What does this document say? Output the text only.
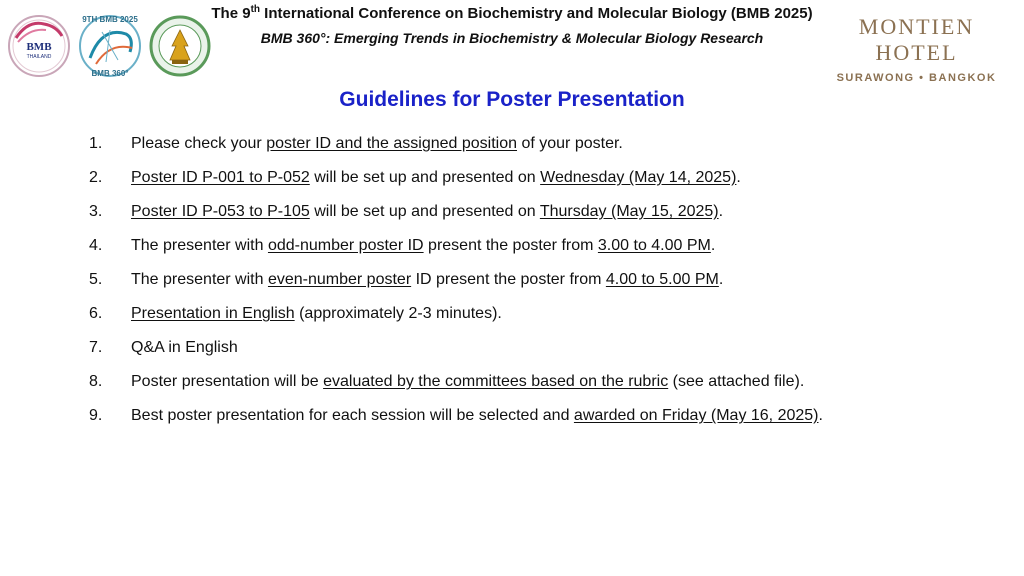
BMB
THAILAND
9TH BMB 2025
BMB 360°
The 9th International Conference on Biochemistry and Molecular Biology (BMB 2025)
BMB 360°: Emerging Trends in Biochemistry & Molecular Biology Research	MONTIEN HOTEL
SURAWONG • BANGKOK
Guidelines for Poster Presentation
1.	Please check your poster ID and the assigned position of your poster.
2.	Poster ID P-001 to P-052 will be set up and presented on Wednesday (May 14, 2025).
3.	Poster ID P-053 to P-105 will be set up and presented on Thursday (May 15, 2025).
4.	The presenter with odd-number poster ID present the poster from 3.00 to 4.00 PM.
5.	The presenter with even-number poster ID present the poster from 4.00 to 5.00 PM.
6.	Presentation in English (approximately 2-3 minutes).
7.	Q&A in English
8.	Poster presentation will be evaluated by the committees based on the rubric (see attached file).
9.	Best poster presentation for each session will be selected and awarded on Friday (May 16, 2025).
